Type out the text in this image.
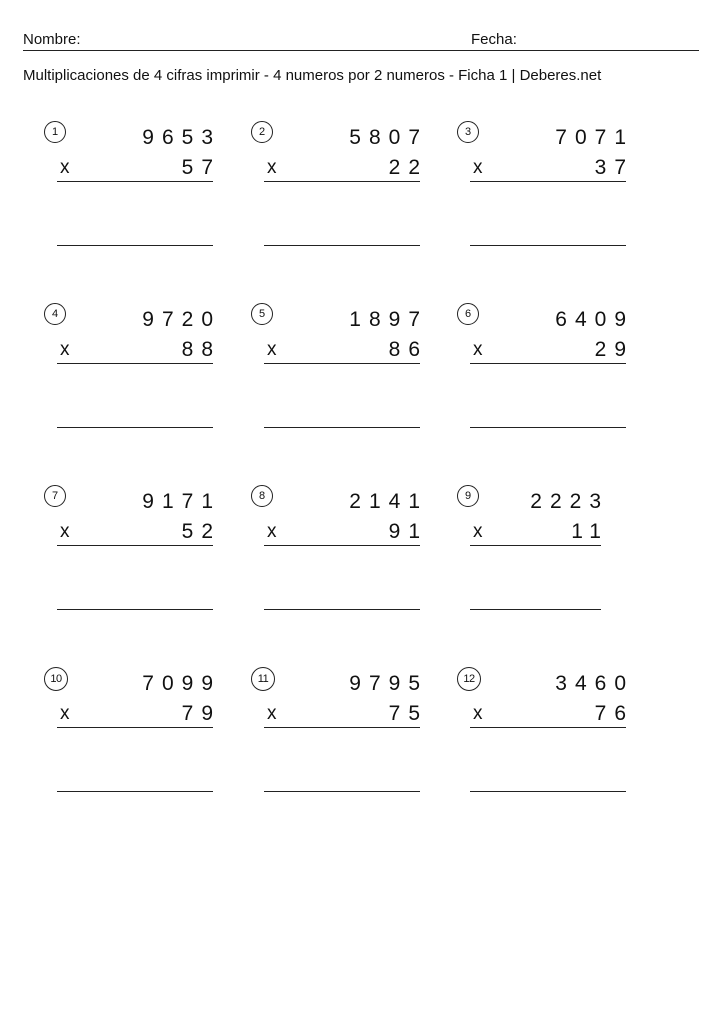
Nombre:	Fecha:
Multiplicaciones de 4 cifras imprimir - 4 numeros por 2 numeros - Ficha 1 | Deberes.net
1	9653
x	57
2	5807
x	22
3	7071
x	37
4	9720
x	88
5	1897
x	86
6	6409
x	29
7	9171
x	52
8	2141
x	91
9	2223
x	11
10	7099
x	79
11	9795
x	75
12	3460
x	76
